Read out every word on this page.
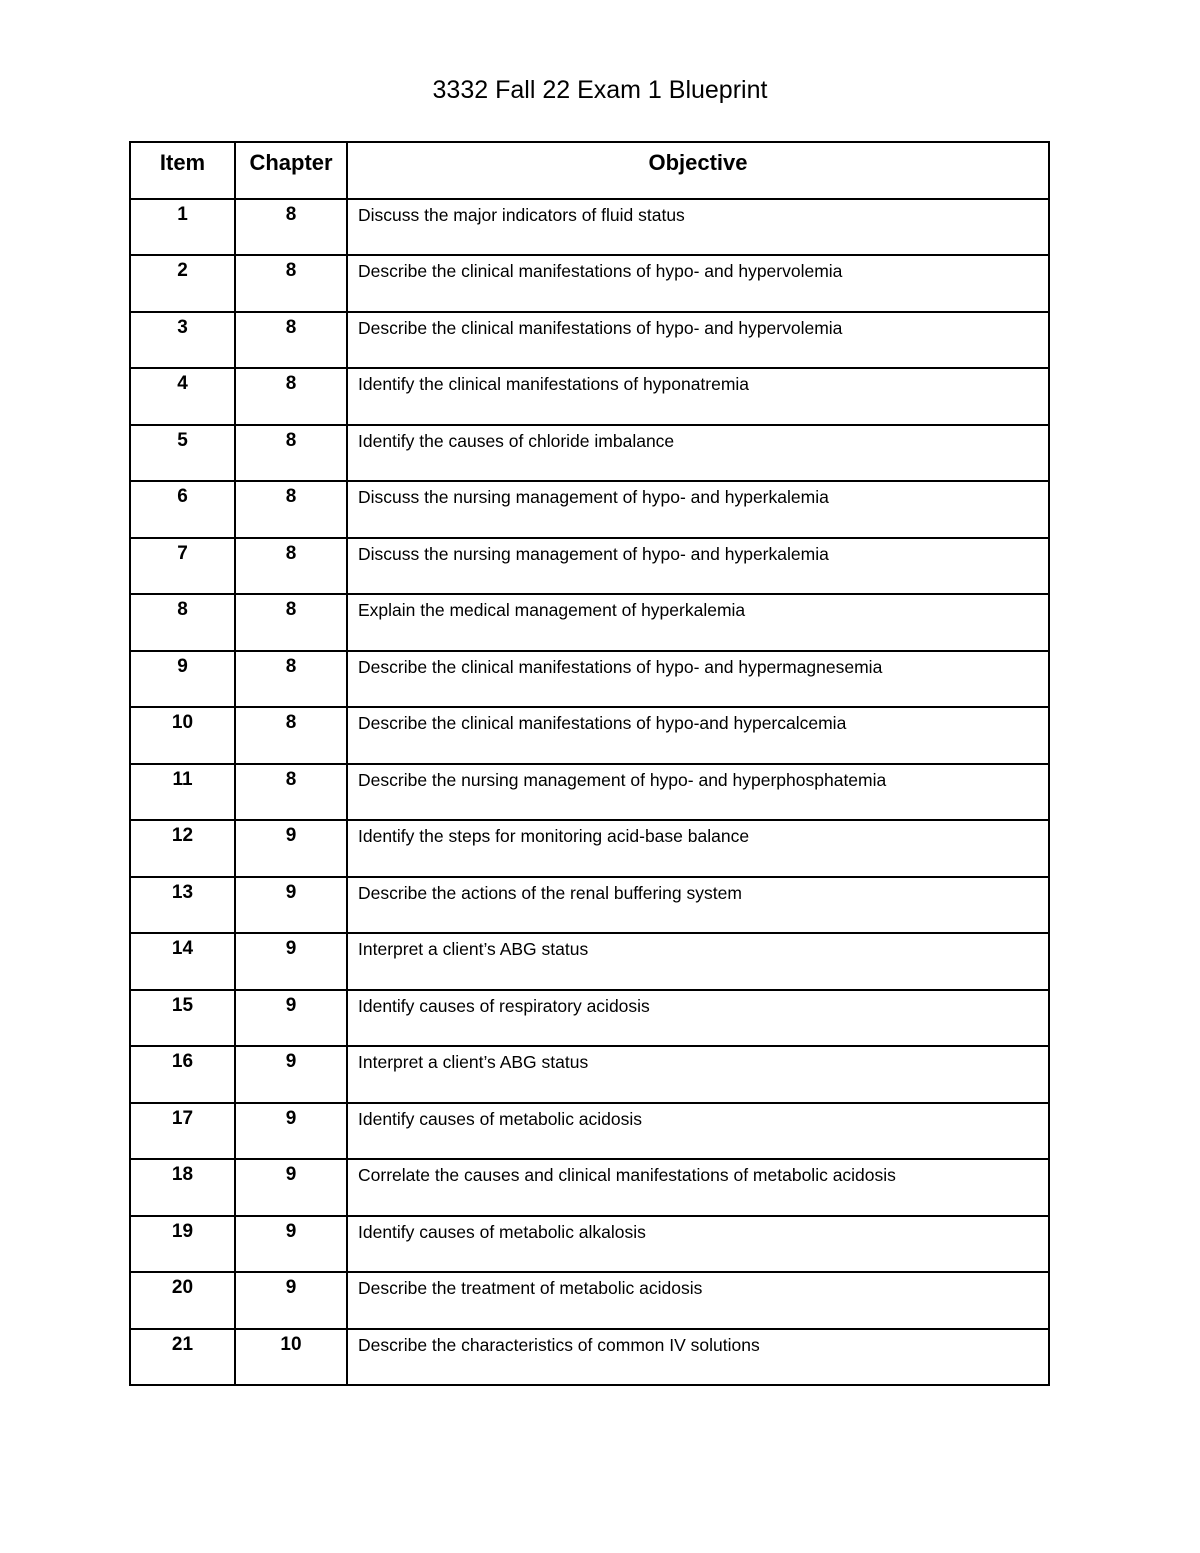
3332 Fall 22 Exam 1 Blueprint
Item	Chapter	Objective
1	8	Discuss the major indicators of fluid status
2	8	Describe the clinical manifestations of hypo- and hypervolemia
3	8	Describe the clinical manifestations of hypo- and hypervolemia
4	8	Identify the clinical manifestations of hyponatremia
5	8	Identify the causes of chloride imbalance
6	8	Discuss the nursing management of hypo- and hyperkalemia
7	8	Discuss the nursing management of hypo- and hyperkalemia
8	8	Explain the medical management of hyperkalemia
9	8	Describe the clinical manifestations of hypo- and hypermagnesemia
10	8	Describe the clinical manifestations of hypo-and hypercalcemia
11	8	Describe the nursing management of hypo- and hyperphosphatemia
12	9	Identify the steps for monitoring acid-base balance
13	9	Describe the actions of the renal buffering system
14	9	Interpret a client’s ABG status
15	9	Identify causes of respiratory acidosis
16	9	Interpret a client’s ABG status
17	9	Identify causes of metabolic acidosis
18	9	Correlate the causes and clinical manifestations of metabolic acidosis
19	9	Identify causes of metabolic alkalosis
20	9	Describe the treatment of metabolic acidosis
21	10	Describe the characteristics of common IV solutions
